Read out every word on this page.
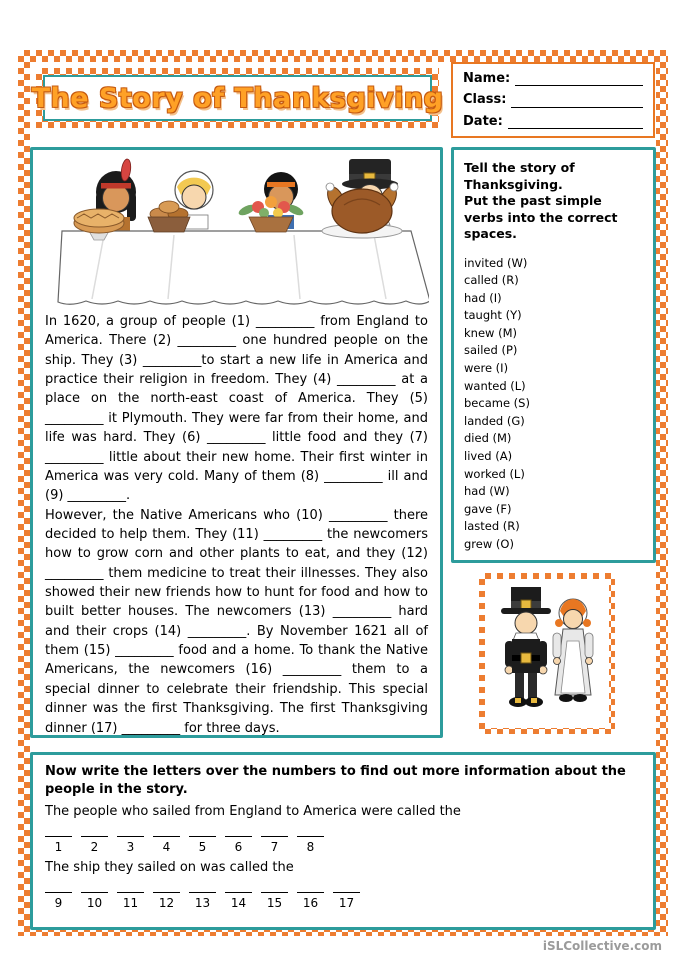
The Story of Thanksgiving
Name:
Class:
Date:

In 1620, a group of people (1) _________ from England to America. There (2) _________ one hundred people on the ship. They (3) _________to start a new life in America and practice their religion in freedom. They (4) _________ at a place on the north-east coast of America. They (5) _________ it Plymouth. They were far from their home, and life was hard. They (6) _________ little food and they (7) _________ little about their new home. Their first winter in America was very cold. Many of them (8) _________ ill and (9) _________.

However, the Native Americans who (10) _________ there decided to help them. They (11) _________ the newcomers how to grow corn and other plants to eat, and they (12) _________ them medicine to treat their illnesses. They also showed their new friends how to hunt for food and how to built better houses. The newcomers (13) _________ hard and their crops (14) _________. By November 1621 all of them (15) _________ food and a home. To thank the Native Americans, the newcomers (16) _________ them to a special dinner to celebrate their friendship. This special dinner was the first Thanksgiving. The first Thanksgiving dinner (17) _________ for three days.

Tell the story of Thanksgiving.
Put the past simple verbs into the correct spaces.
invited (W)
called (R)
had (I)
taught (Y)
knew (M)
sailed (P)
were (I)
wanted (L)
became (S)
landed (G)
died (M)
lived (A)
worked (L)
had (W)
gave (F)
lasted (R)
grew (O)
Now write the letters over the numbers to find out more information about the people in the story.
The people who sailed from England to America were called the
1 2 3 4 5 6 7 8
The ship they sailed on was called the
9 10 11 12 13 14 15 16 17
iSLCollective.com
